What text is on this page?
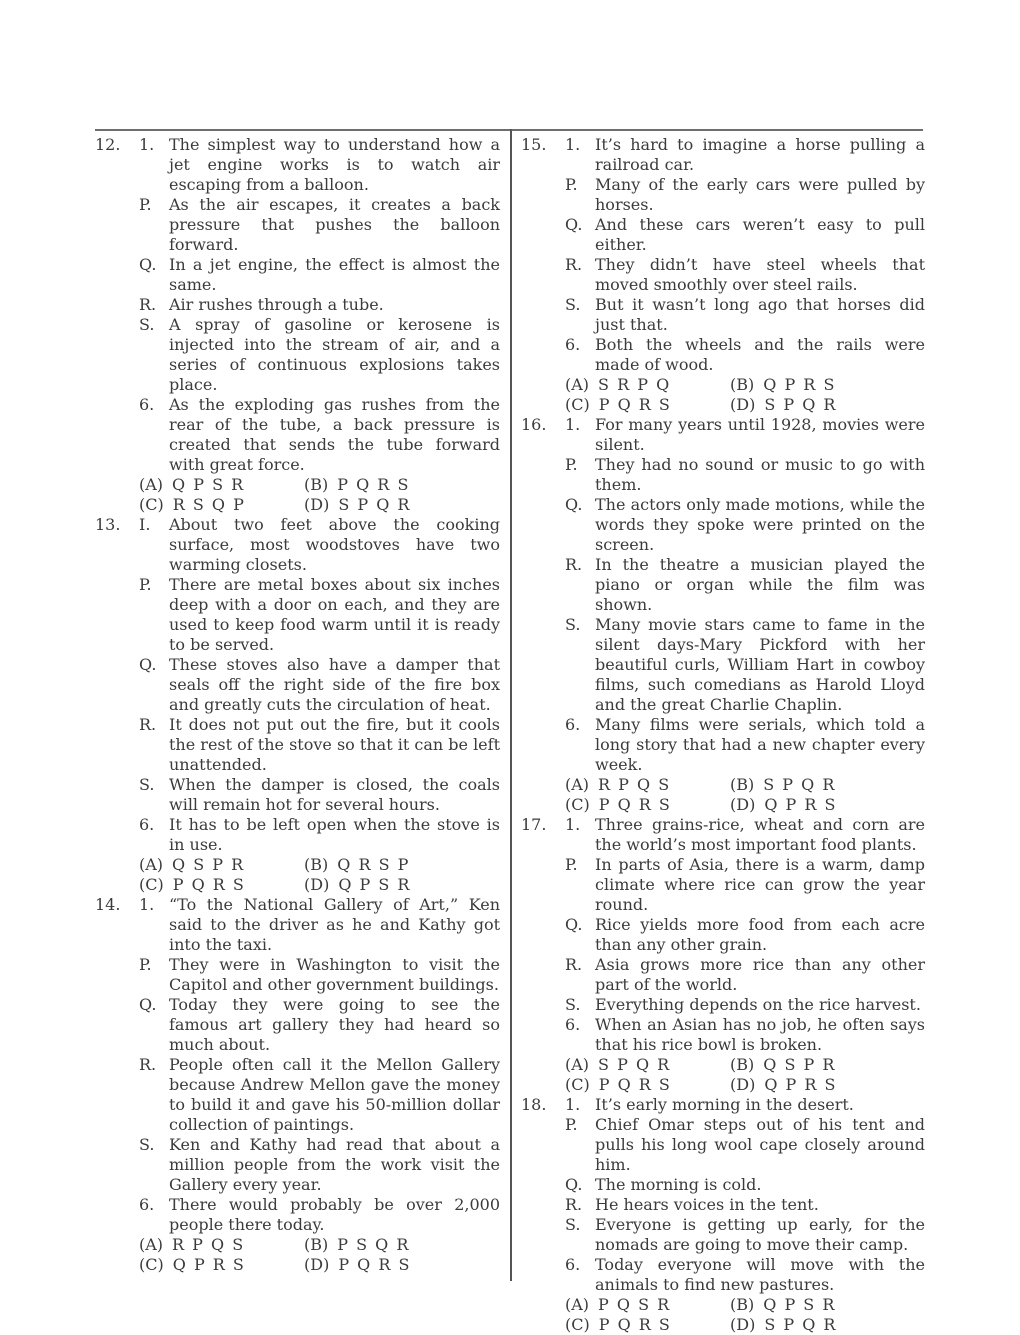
12.	1. The simplest way to understand how a jet engine works is to watch air escaping from a balloon.
P.	As the air escapes, it creates a back pressure that pushes the balloon forward.
Q. In a jet engine, the effect is almost the same.
R. Air rushes through a tube.
S. A spray of gasoline or kerosene is injected into the stream of air, and a series of continuous explosions takes place.
6. As the exploding gas rushes from the rear of the tube, a back pressure is created that sends the tube forward with great force.
(A) Q P S R	(B) P Q R S
(C) R S Q P	(D) S P Q R
13.	I.	About two feet above the cooking surface, most woodstoves have two warming closets.
P.	There are metal boxes about six inches deep with a door on each, and they are used to keep food warm until it is ready to be served.
Q. These stoves also have a damper that seals off the right side of the fire box and greatly cuts the circulation of heat.
R. It does not put out the fire, but it cools the rest of the stove so that it can be left unattended.
S. When the damper is closed, the coals will remain hot for several hours.
6. It has to be left open when the stove is in use.
(A) Q S P R	(B) Q R S P
(C) P Q R S	(D) Q P S R
14.	1. “To the National Gallery of Art,” Ken said to the driver as he and Kathy got into the taxi.
P.	They were in Washington to visit the Capitol and other government buildings.
Q. Today they were going to see the famous art gallery they had heard so much about.
R. People often call it the Mellon Gallery because Andrew Mellon gave the money to build it and gave his 50-million dollar collection of paintings.
S. Ken and Kathy had read that about a million people from the work visit the Gallery every year.
6. There would probably be over 2,000 people there today.
(A) R P Q S	(B) P S Q R
(C) Q P R S	(D) P Q R S
15.	1. It’s hard to imagine a horse pulling a railroad car.
P.	Many of the early cars were pulled by horses.
Q. And these cars weren’t easy to pull either.
R. They didn’t have steel wheels that moved smoothly over steel rails.
S. But it wasn’t long ago that horses did just that.
6. Both the wheels and the rails were made of wood.
(A) S R P Q	(B) Q P R S
(C) P Q R S	(D) S P Q R
16.	1. For many years until 1928, movies were silent.
P.	They had no sound or music to go with them.
Q. The actors only made motions, while the words they spoke were printed on the screen.
R. In the theatre a musician played the piano or organ while the film was shown.
S. Many movie stars came to fame in the silent days-Mary Pickford with her beautiful curls, William Hart in cowboy films, such comedians as Harold Lloyd and the great Charlie Chaplin.
6. Many films were serials, which told a long story that had a new chapter every week.
(A) R P Q S	(B) S P Q R
(C) P Q R S	(D) Q P R S
17.	1. Three grains-rice, wheat and corn are the world’s most important food plants.
P.	In parts of Asia, there is a warm, damp climate where rice can grow the year round.
Q. Rice yields more food from each acre than any other grain.
R. Asia grows more rice than any other part of the world.
S. Everything depends on the rice harvest.
6. When an Asian has no job, he often says that his rice bowl is broken.
(A) S P Q R	(B) Q S P R
(C) P Q R S	(D) Q P R S
18.	1. It’s early morning in the desert.
P.	Chief Omar steps out of his tent and pulls his long wool cape closely around him.
Q. The morning is cold.
R. He hears voices in the tent.
S. Everyone is getting up early, for the nomads are going to move their camp.
6. Today everyone will move with the animals to find new pastures.
(A) P Q S R	(B) Q P S R
(C) P Q R S	(D) S P Q R
